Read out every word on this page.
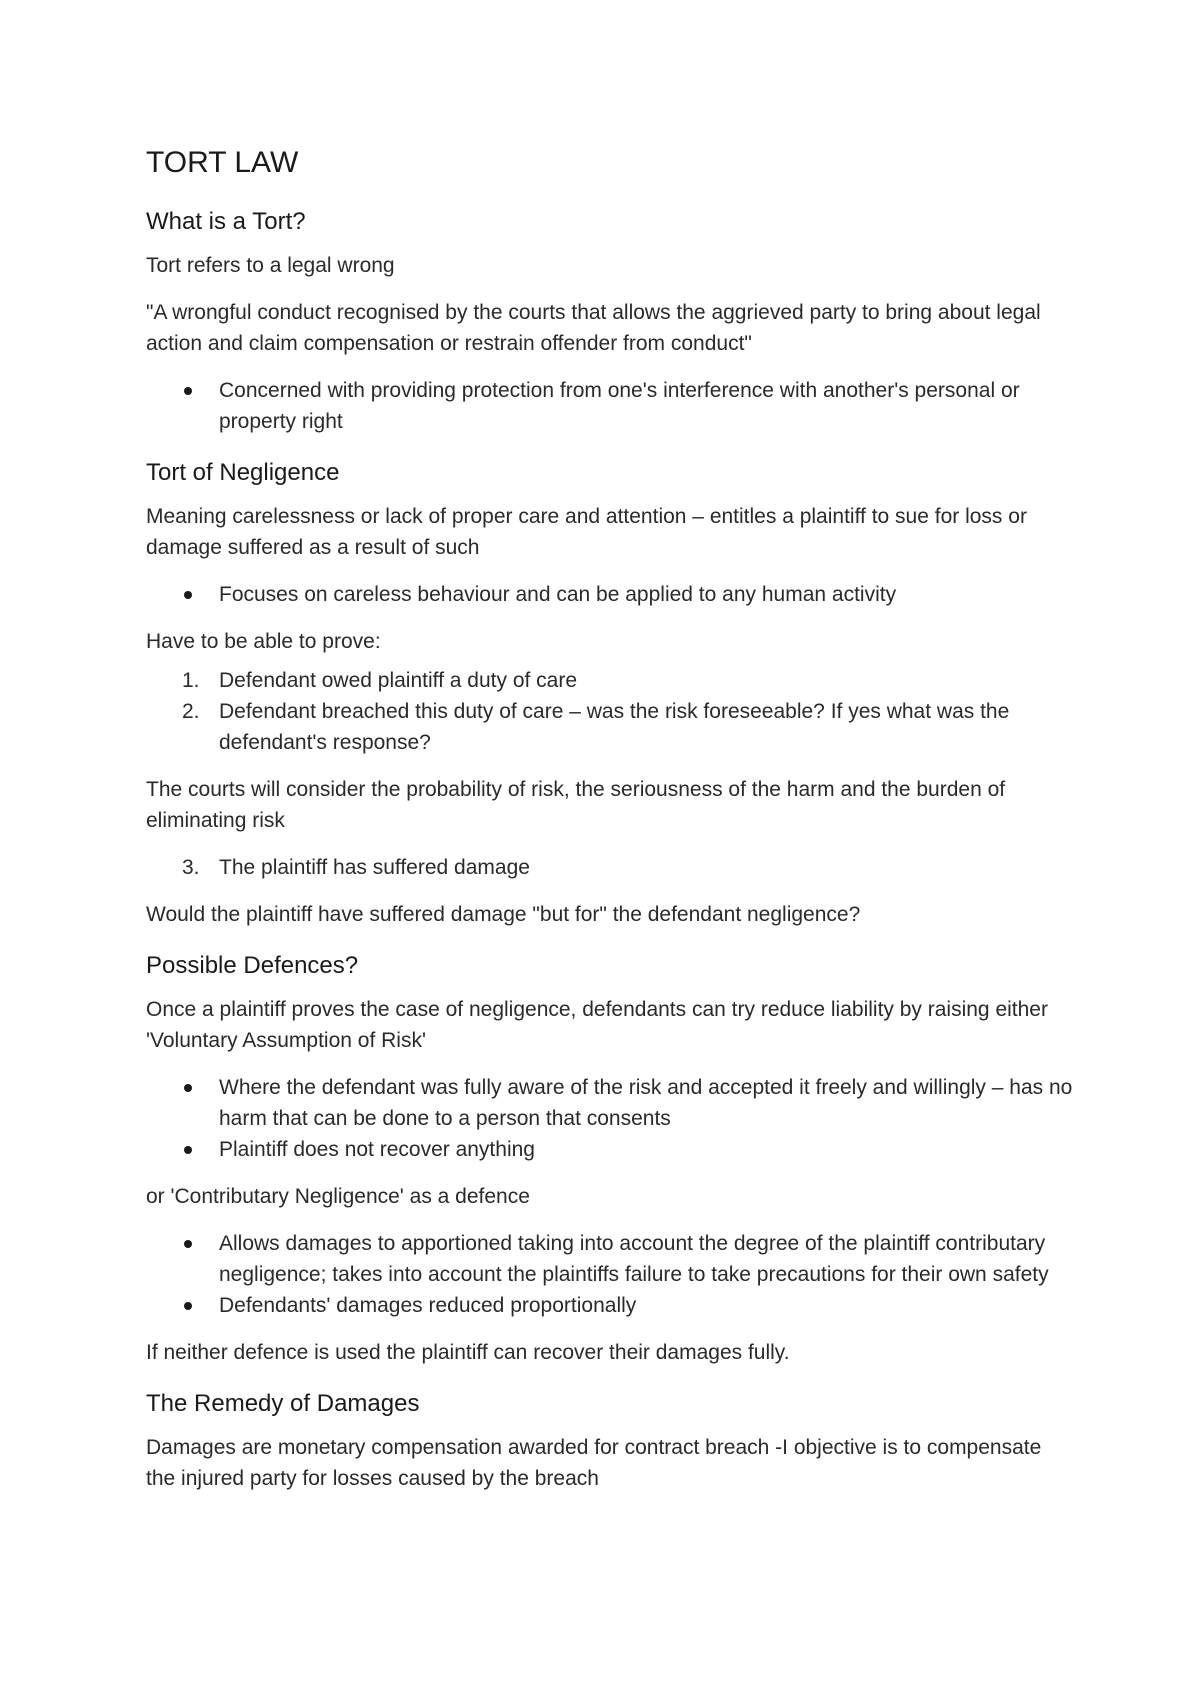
TORT LAW
What is a Tort?

Tort refers to a legal wrong

"A wrongful conduct recognised by the courts that allows the aggrieved party to bring about legal action and claim compensation or restrain offender from conduct"

Concerned with providing protection from one's interference with another's personal or property right
Tort of Negligence

Meaning carelessness or lack of proper care and attention – entitles a plaintiff to sue for loss or damage suffered as a result of such

Focuses on careless behaviour and can be applied to any human activity

Have to be able to prove:

1. Defendant owed plaintiff a duty of care
2. Defendant breached this duty of care – was the risk foreseeable? If yes what was the defendant's response?

The courts will consider the probability of risk, the seriousness of the harm and the burden of eliminating risk

3. The plaintiff has suffered damage

Would the plaintiff have suffered damage "but for" the defendant negligence?

Possible Defences?

Once a plaintiff proves the case of negligence, defendants can try reduce liability by raising either 'Voluntary Assumption of Risk'

Where the defendant was fully aware of the risk and accepted it freely and willingly – has no harm that can be done to a person that consents
Plaintiff does not recover anything

or 'Contributary Negligence' as a defence

Allows damages to apportioned taking into account the degree of the plaintiff contributary negligence; takes into account the plaintiffs failure to take precautions for their own safety
Defendants' damages reduced proportionally

If neither defence is used the plaintiff can recover their damages fully.

The Remedy of Damages

Damages are monetary compensation awarded for contract breach -I objective is to compensate the injured party for losses caused by the breach
